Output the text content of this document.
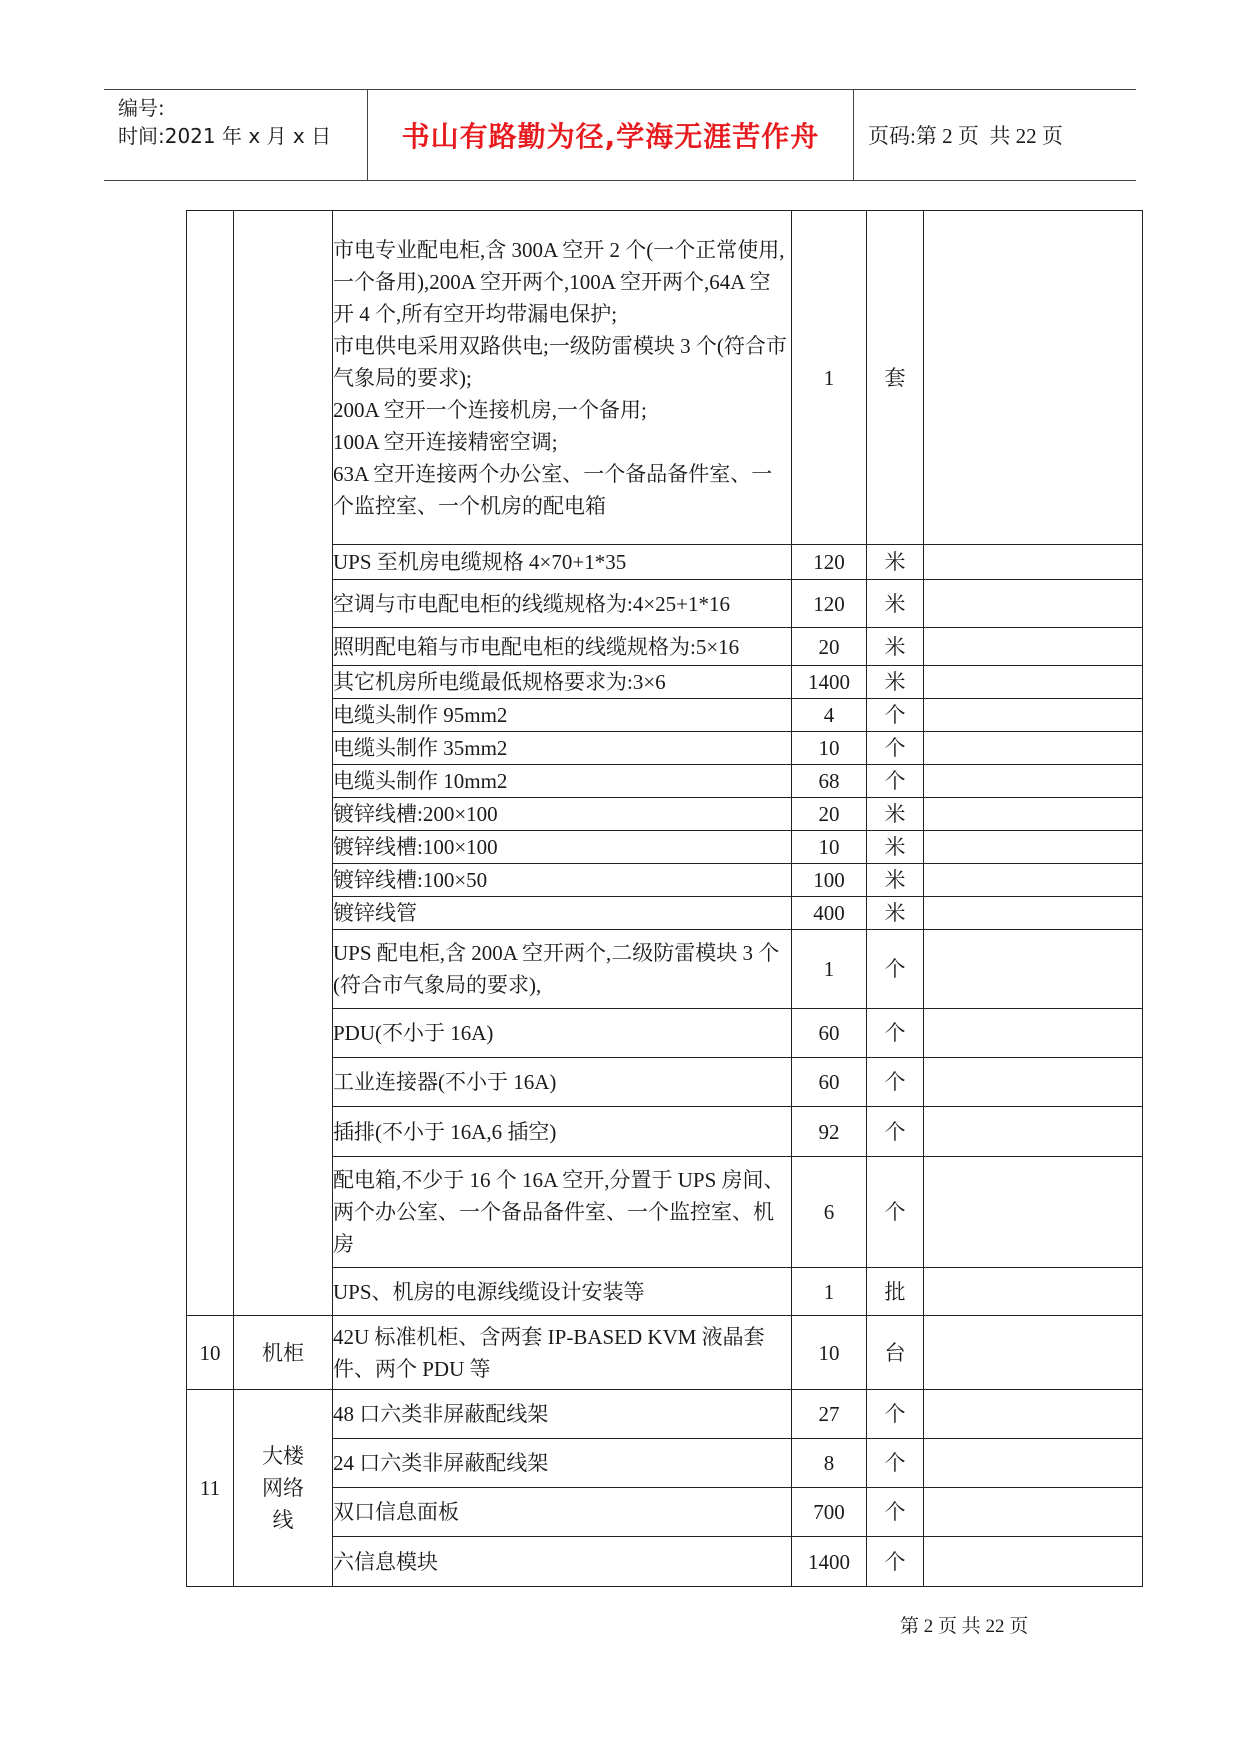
编号:
时间:2021 年 x 月 x 日	书山有路勤为径,学海无涯苦作舟	页码:第 2 页  共 22 页
		市电专业配电柜,含 300A 空开 2 个(一个正常使用,一个备用),200A 空开两个,100A 空开两个,64A 空开 4 个,所有空开均带漏电保护;
市电供电采用双路供电;一级防雷模块 3 个(符合市气象局的要求);
200A 空开一个连接机房,一个备用;
100A 空开连接精密空调;
63A 空开连接两个办公室、一个备品备件室、一个监控室、一个机房的配电箱	1	套	
		UPS 至机房电缆规格 4×70+1*35	120	米	
		空调与市电配电柜的线缆规格为:4×25+1*16	120	米	
		照明配电箱与市电配电柜的线缆规格为:5×16	20	米	
		其它机房所电缆最低规格要求为:3×6	1400	米	
		电缆头制作 95mm2	4	个	
		电缆头制作 35mm2	10	个	
		电缆头制作 10mm2	68	个	
		镀锌线槽:200×100	20	米	
		镀锌线槽:100×100	10	米	
		镀锌线槽:100×50	100	米	
		镀锌线管	400	米	
		UPS 配电柜,含 200A 空开两个,二级防雷模块 3 个(符合市气象局的要求),	1	个	
		PDU(不小于 16A)	60	个	
		工业连接器(不小于 16A)	60	个	
		插排(不小于 16A,6 插空)	92	个	
		配电箱,不少于 16 个 16A 空开,分置于 UPS 房间、两个办公室、一个备品备件室、一个监控室、机房	6	个	
		UPS、机房的电源线缆设计安装等	1	批	
10	机柜	42U 标准机柜、含两套 IP-BASED KVM 液晶套件、两个 PDU 等	10	台	
11	大楼网络线	48 口六类非屏蔽配线架	27	个	
		24 口六类非屏蔽配线架	8	个	
		双口信息面板	700	个	
		六信息模块	1400	个	
第 2 页 共 22 页
